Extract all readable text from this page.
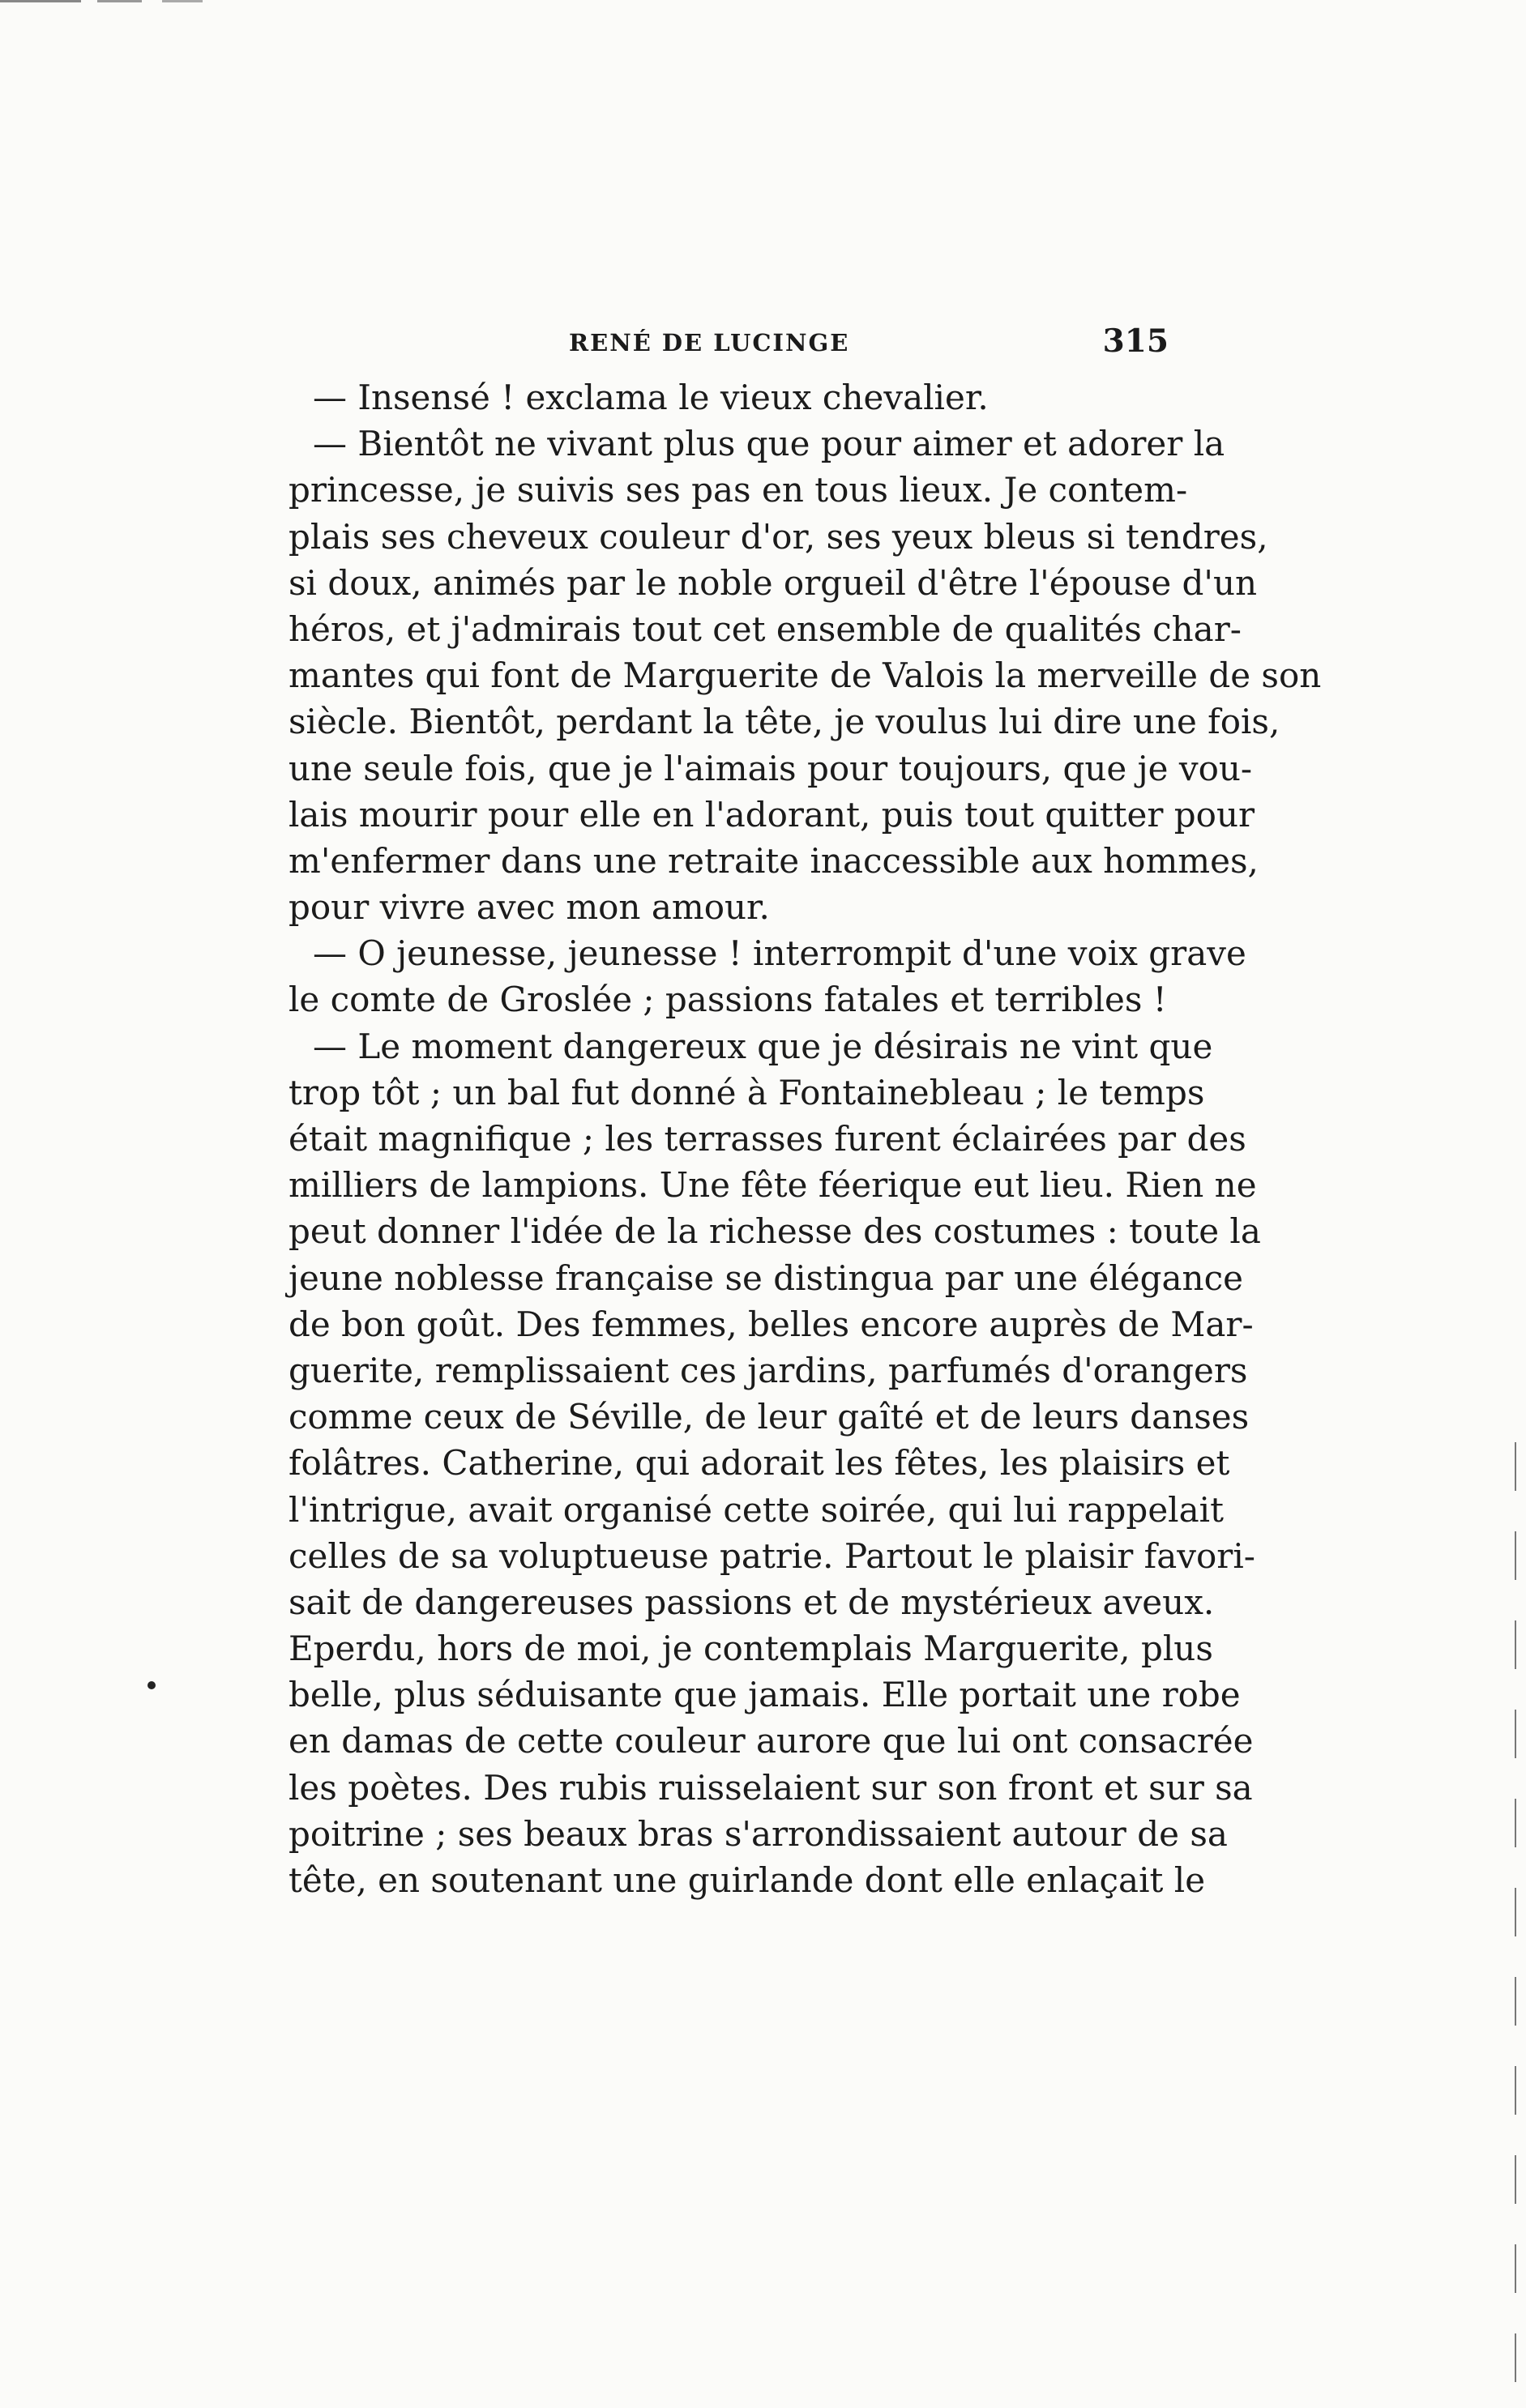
RENÉ DE LUCINGE	315
— Insensé ! exclama le vieux chevalier.
— Bientôt ne vivant plus que pour aimer et adorer la
princesse, je suivis ses pas en tous lieux. Je contem-
plais ses cheveux couleur d'or, ses yeux bleus si tendres,
si doux, animés par le noble orgueil d'être l'épouse d'un
héros, et j'admirais tout cet ensemble de qualités char-
mantes qui font de Marguerite de Valois la merveille de son
siècle. Bientôt, perdant la tête, je voulus lui dire une fois,
une seule fois, que je l'aimais pour toujours, que je vou-
lais mourir pour elle en l'adorant, puis tout quitter pour
m'enfermer dans une retraite inaccessible aux hommes,
pour vivre avec mon amour.
— O jeunesse, jeunesse ! interrompit d'une voix grave
le comte de Groslée ; passions fatales et terribles !
— Le moment dangereux que je désirais ne vint que
trop tôt ; un bal fut donné à Fontainebleau ; le temps
était magnifique ; les terrasses furent éclairées par des
milliers de lampions. Une fête féerique eut lieu. Rien ne
peut donner l'idée de la richesse des costumes : toute la
jeune noblesse française se distingua par une élégance
de bon goût. Des femmes, belles encore auprès de Mar-
guerite, remplissaient ces jardins, parfumés d'orangers
comme ceux de Séville, de leur gaîté et de leurs danses
folâtres. Catherine, qui adorait les fêtes, les plaisirs et
l'intrigue, avait organisé cette soirée, qui lui rappelait
celles de sa voluptueuse patrie. Partout le plaisir favori-
sait de dangereuses passions et de mystérieux aveux.
Eperdu, hors de moi, je contemplais Marguerite, plus
belle, plus séduisante que jamais. Elle portait une robe
en damas de cette couleur aurore que lui ont consacrée
les poètes. Des rubis ruisselaient sur son front et sur sa
poitrine ; ses beaux bras s'arrondissaient autour de sa
tête, en soutenant une guirlande dont elle enlaçait le
